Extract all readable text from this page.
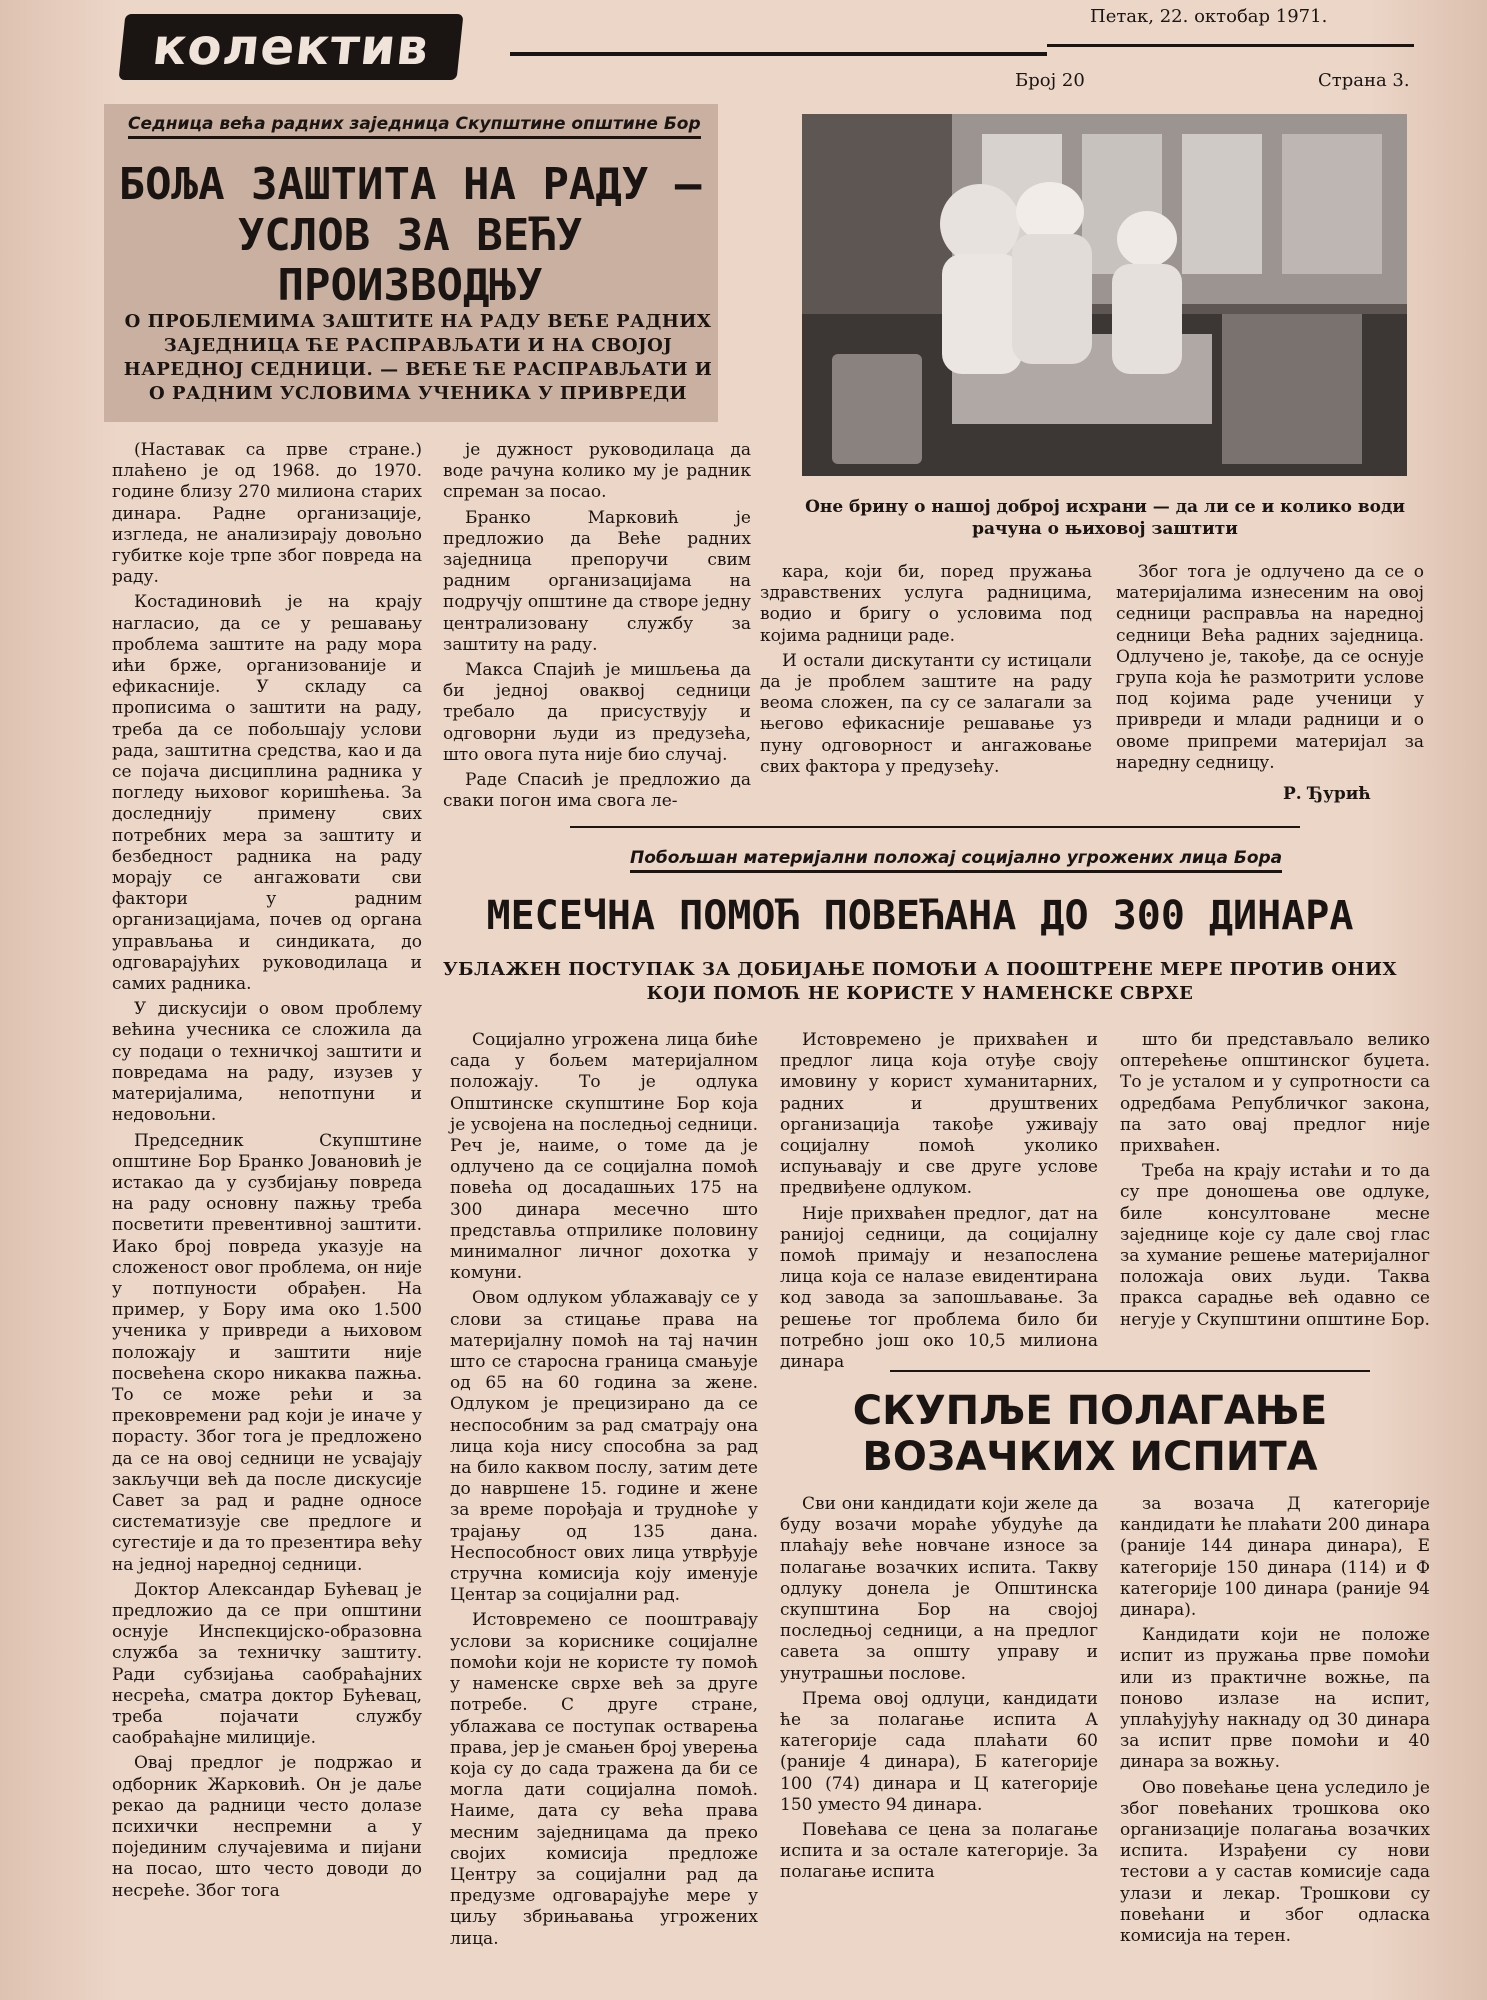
колектив
Петак, 22. октобар 1971.
Број 20	Страна 3.
Седница већа радних заједница Скупштине општине Бор
БОЉА ЗАШТИТА НА РАДУ —
УСЛОВ ЗА ВЕЋУ ПРОИЗВОДЊУ
О ПРОБЛЕМИМА ЗАШТИТЕ НА РАДУ ВЕЋЕ РАДНИХ ЗАЈЕДНИЦА ЋЕ РАСПРАВЉАТИ И НА СВОЈОЈ НАРЕДНОЈ СЕДНИЦИ. — ВЕЋЕ ЋЕ РАСПРАВЉАТИ И О РАДНИМ УСЛОВИМА УЧЕНИКА У ПРИВРЕДИ

(Наставак са прве стране.) плаћено је од 1968. до 1970. године близу 270 милиона старих динара. Радне организације, изгледа, не анализирају довољно губитке које трпе због повреда на раду.

Костадиновић је на крају нагласио, да се у решавању проблема заштите на раду мора ићи брже, организованије и ефикасније. У складу са прописима о заштити на раду, треба да се побољшају услови рада, заштитна средства, као и да се појача дисциплина радника у погледу њиховог коришћења. За доследнију примену свих потребних мера за заштиту и безбедност радника на раду морају се ангажовати сви фактори у радним организацијама, почев од органа управљања и синдиката, до одговарајућих руководилаца и самих радника.

У дискусији о овом проблему већина учесника се сложила да су подаци о техничкој заштити и повредама на раду, изузев у материјалима, непотпуни и недовољни.

Председник Скупштине општине Бор Бранко Јовановић је истакао да у сузбијању повреда на раду основну пажњу треба посветити превентивној заштити. Иако број повреда указује на сложеност овог проблема, он није у потпуности обрађен. На пример, у Бору има око 1.500 ученика у привреди а њиховом положају и заштити није посвећена скоро никаква пажња. То се може рећи и за прековремени рад који је иначе у порасту. Због тога је предложено да се на овој седници не усвајају закључци већ да после дискусије Савет за рад и радне односе систематизује све предлоге и сугестије и да то презентира већу на једној наредној седници.

Доктор Александар Бућевац је предложио да се при општини оснује Инспекцијско-образовна служба за техничку заштиту. Ради субзијања саобраћајних несрећа, сматра доктор Бућевац, треба појачати службу саобраћајне милиције.

Овај предлог је подржао и одборник Жарковић. Он је даље рекао да радници често долазе психички неспремни а у појединим случајевима и пијани на посао, што често доводи до несреће. Због тога

је дужност руководилаца да воде рачуна колико му је радник спреман за посао.

Бранко Марковић је предложио да Веће радних заједница препоручи свим радним организацијама на подручју општине да створе једну централизовану службу за заштиту на раду.

Макса Спајић је мишљења да би једној оваквој седници требало да присуствују и одговорни људи из предузећа, што овога пута није био случај.

Раде Спасић је предложио да сваки погон има свога ле-

Оне брину о нашој доброј исхрани — да ли се и колико води рачуна о њиховој заштити

кара, који би, поред пружања здравствених услуга радницима, водио и бригу о условима под којима радници раде.

И остали дискутанти су истицали да је проблем заштите на раду веома сложен, па су се залагали за његово ефикасније решавање уз пуну одговорност и ангажовање свих фактора у предузећу.

Због тога је одлучено да се о материјалима изнесеним на овој седници расправља на наредној седници Већа радних заједница. Одлучено је, такође, да се оснује група која ће размотрити услове под којима раде ученици у привреди и млади радници и о овоме припреми материјал за наредну седницу.

Р. Ђурић
Побољшан материјални положај социјално угрожених лица Бора
МЕСЕЧНА ПОМОЋ ПОВЕЋАНА ДО 300 ДИНАРА
УБЛАЖЕН ПОСТУПАК ЗА ДОБИЈАЊЕ ПОМОЋИ А ПООШТРЕНЕ МЕРЕ ПРОТИВ ОНИХ КОЈИ ПОМОЋ НЕ КОРИСТЕ У НАМЕНСКЕ СВРХЕ

Социјално угрожена лица биће сада у бољем материјалном положају. То је одлука Општинске скупштине Бор која је усвојена на последњој седници. Реч је, наиме, о томе да је одлучено да се социјална помоћ повећа од досадашњих 175 на 300 динара месечно што представља отприлике половину минималног личног дохотка у комуни.

Овом одлуком ублажавају се у слови за стицање права на материјалну помоћ на тај начин што се старосна граница смањује од 65 на 60 година за жене. Одлуком је прецизирано да се неспособним за рад сматрају она лица која нису способна за рад на било каквом послу, затим дете до навршене 15. године и жене за време порођаја и трудноће у трајању од 135 дана. Неспособност ових лица утврђује стручна комисија коју именује Центар за социјални рад.

Истовремено се пооштравају услови за кориснике социјалне помоћи који не користе ту помоћ у наменске сврхе већ за друге потребе. С друге стране, ублажава се поступак остварења права, јер је смањен број уверења која су до сада тражена да би се могла дати социјална помоћ. Наиме, дата су већа права месним заједницама да преко својих комисија предложе Центру за социјални рад да предузме одговарајуће мере у циљу збрињавања угрожених лица.

Истовремено је прихваћен и предлог лица која отуђе своју имовину у корист хуманитарних, радних и друштвених организација такође уживају социјалну помоћ уколико испуњавају и све друге услове предвиђене одлуком.

Није прихваћен предлог, дат на ранијој седници, да социјалну помоћ примају и незапослена лица која се налазе евидентирана код завода за запошљавање. За решење тог проблема било би потребно још око 10,5 милиона динара

што би представљало велико оптерећење општинског буџета. То је усталом и у супротности са одредбама Републичког закона, па зато овај предлог није прихваћен.

Треба на крају истаћи и то да су пре доношења ове одлуке, биле консултоване месне заједнице које су дале свој глас за хумание решење материјалног положаја ових људи. Таква пракса сарадње већ одавно се негује у Скупштини општине Бор.

СКУПЉЕ ПОЛАГАЊЕ
ВОЗАЧКИХ ИСПИТА

Сви они кандидати који желе да буду возачи мораће убудуће да плаћају веће новчане износе за полагање возачких испита. Такву одлуку донела је Општинска скупштина Бор на својој последњој седници, а на предлог савета за општу управу и унутрашњи послове.

Према овој одлуци, кандидати ће за полагање испита А категорије сада плаћати 60 (раније 4 динара), Б категорије 100 (74) динара и Ц категорије 150 уместо 94 динара.

Повећава се цена за полагање испита и за остале категорије. За полагање испита

за возача Д категорије кандидати ће плаћати 200 динара (раније 144 динара динара), Е категорије 150 динара (114) и Ф категорије 100 динара (раније 94 динара).

Кандидати који не положе испит из пружања прве помоћи или из практичне вожње, па поново излазе на испит, уплаћујућу накнаду од 30 динара за испит прве помоћи и 40 динара за вожњу.

Ово повећање цена уследило је због повећаних трошкова око организације полагања возачких испита. Израђени су нови тестови а у састав комисије сада улази и лекар. Трошкови су повећани и због одласка комисија на терен.
